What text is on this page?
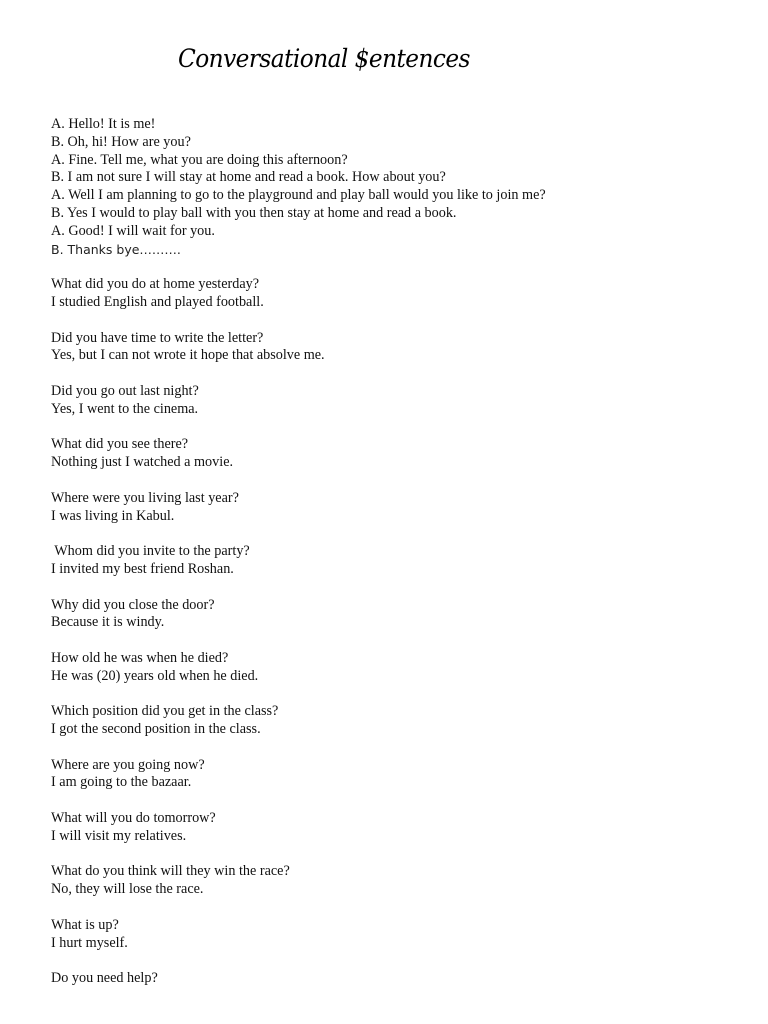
Conversational $entences
A. Hello! It is me!
B. Oh, hi! How are you?
A. Fine. Tell me, what you are doing this afternoon?
B. I am not sure I will stay at home and read a book. How about you?
A. Well I am planning to go to the playground and play ball would you like to join me?
B. Yes I would to play ball with you then stay at home and read a book.
A. Good! I will wait for you.
B. Thanks bye……….
What did you do at home yesterday?
I studied English and played football.
Did you have time to write the letter?
Yes, but I can not wrote it hope that absolve me.
Did you go out last night?
Yes, I went to the cinema.
What did you see there?
Nothing just I watched a movie.
Where were you living last year?
I was living in Kabul.
Whom did you invite to the party?
I invited my best friend Roshan.
Why did you close the door?
Because it is windy.
How old he was when he died?
He was (20) years old when he died.
Which position did you get in the class?
I got the second position in the class.
Where are you going now?
I am going to the bazaar.
What will you do tomorrow?
I will visit my relatives.
What do you think will they win the race?
No, they will lose the race.
What is up?
I hurt myself.
Do you need help?
